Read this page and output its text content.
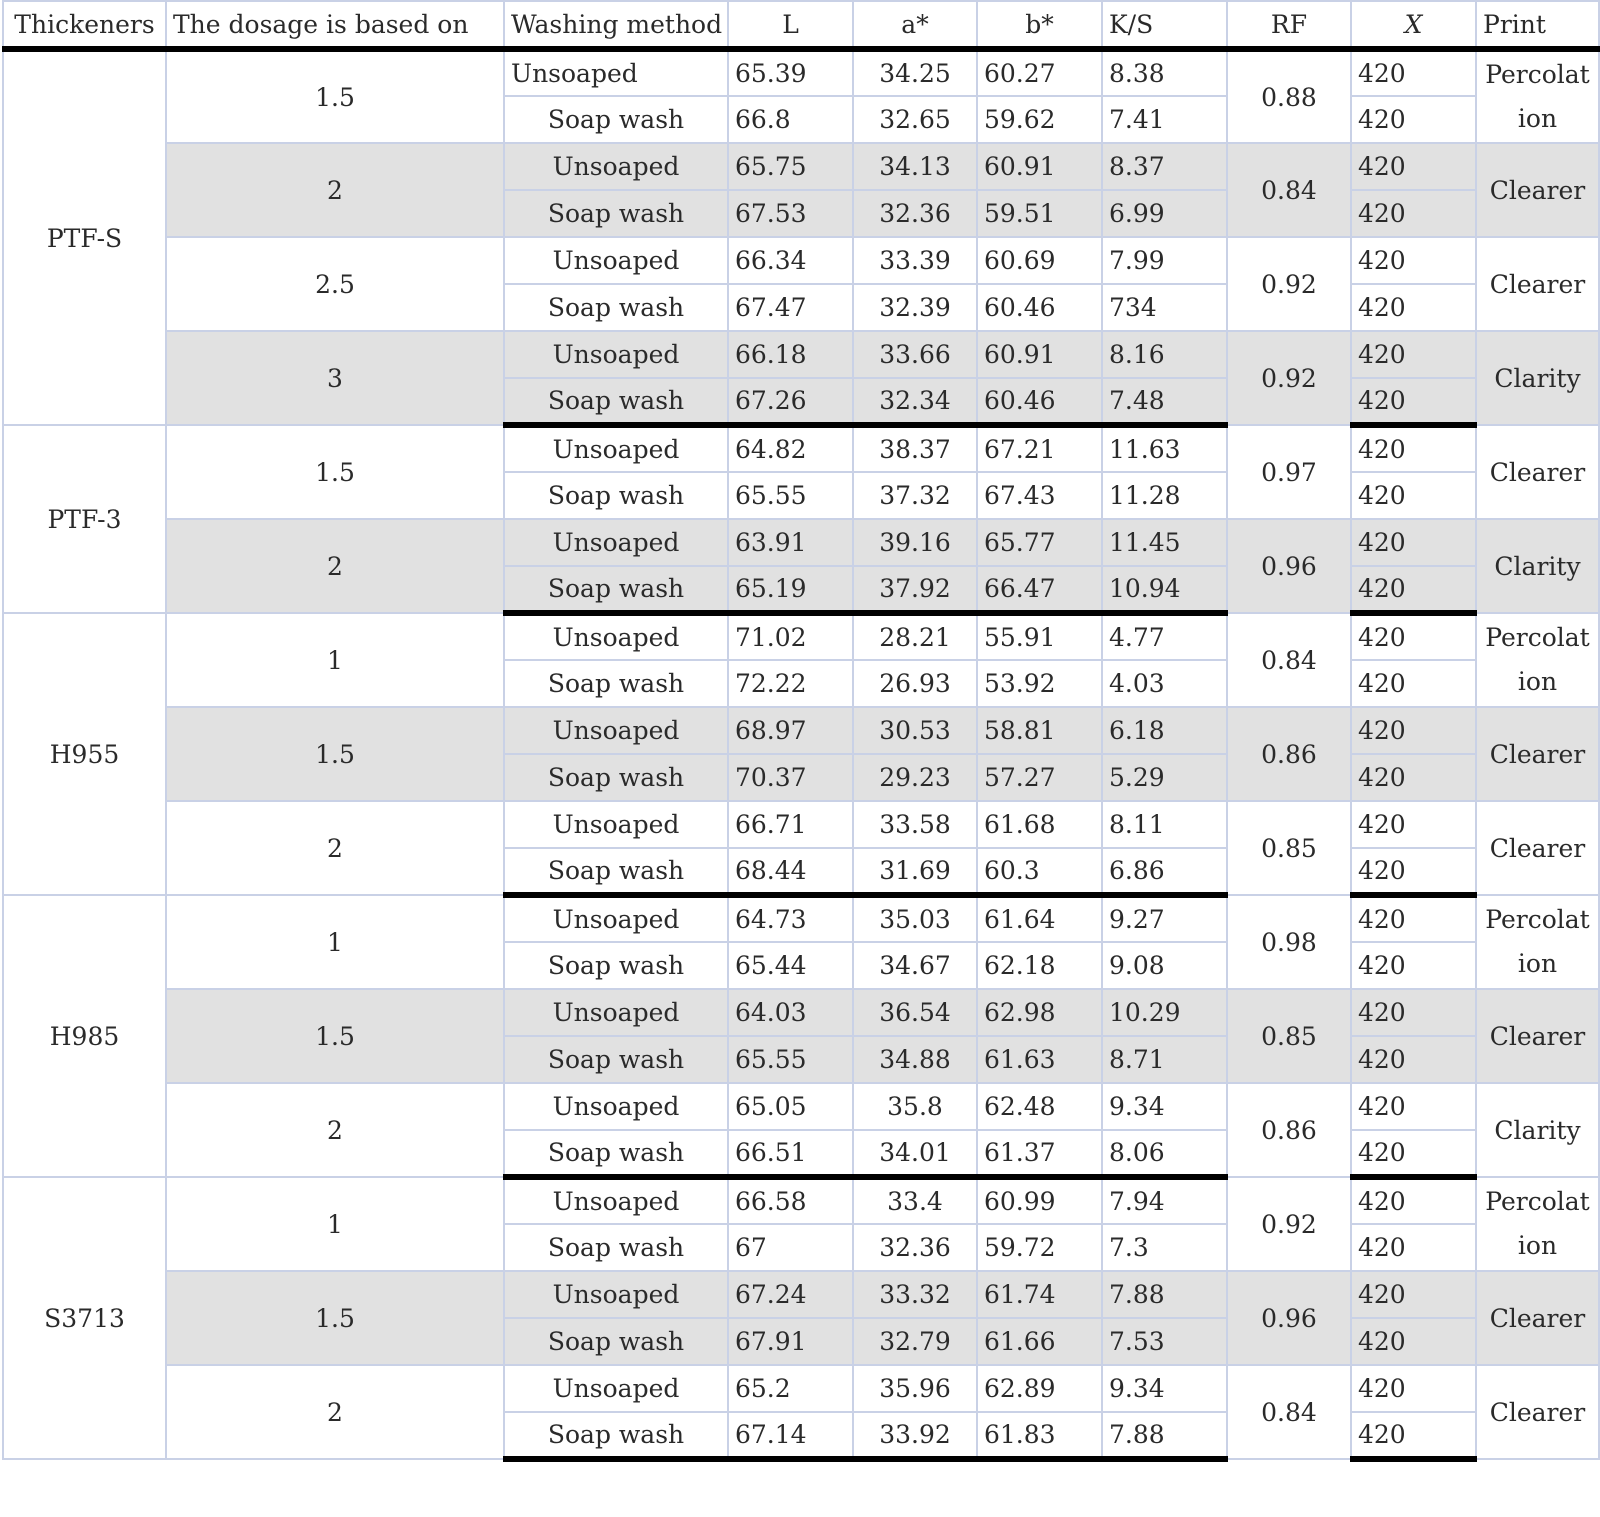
Thickeners	The dosage is based on	Washing method	L	a*	b*	K/S	RF	X	Print
PTF-S	1.5	Unsoaped	65.39	34.25	60.27	8.38	0.88	420	Percolation
		Soap wash	66.8	32.65	59.62	7.41		420	
	2	Unsoaped	65.75	34.13	60.91	8.37	0.84	420	Clearer
		Soap wash	67.53	32.36	59.51	6.99		420	
	2.5	Unsoaped	66.34	33.39	60.69	7.99	0.92	420	Clearer
		Soap wash	67.47	32.39	60.46	734		420	
	3	Unsoaped	66.18	33.66	60.91	8.16	0.92	420	Clarity
		Soap wash	67.26	32.34	60.46	7.48		420	
PTF-3	1.5	Unsoaped	64.82	38.37	67.21	11.63	0.97	420	Clearer
		Soap wash	65.55	37.32	67.43	11.28		420	
	2	Unsoaped	63.91	39.16	65.77	11.45	0.96	420	Clarity
		Soap wash	65.19	37.92	66.47	10.94		420	
H955	1	Unsoaped	71.02	28.21	55.91	4.77	0.84	420	Percolation
		Soap wash	72.22	26.93	53.92	4.03		420	
	1.5	Unsoaped	68.97	30.53	58.81	6.18	0.86	420	Clearer
		Soap wash	70.37	29.23	57.27	5.29		420	
	2	Unsoaped	66.71	33.58	61.68	8.11	0.85	420	Clearer
		Soap wash	68.44	31.69	60.3	6.86		420	
H985	1	Unsoaped	64.73	35.03	61.64	9.27	0.98	420	Percolation
		Soap wash	65.44	34.67	62.18	9.08		420	
	1.5	Unsoaped	64.03	36.54	62.98	10.29	0.85	420	Clearer
		Soap wash	65.55	34.88	61.63	8.71		420	
	2	Unsoaped	65.05	35.8	62.48	9.34	0.86	420	Clarity
		Soap wash	66.51	34.01	61.37	8.06		420	
S3713	1	Unsoaped	66.58	33.4	60.99	7.94	0.92	420	Percolation
		Soap wash	67	32.36	59.72	7.3		420	
	1.5	Unsoaped	67.24	33.32	61.74	7.88	0.96	420	Clearer
		Soap wash	67.91	32.79	61.66	7.53		420	
	2	Unsoaped	65.2	35.96	62.89	9.34	0.84	420	Clearer
		Soap wash	67.14	33.92	61.83	7.88		420	
